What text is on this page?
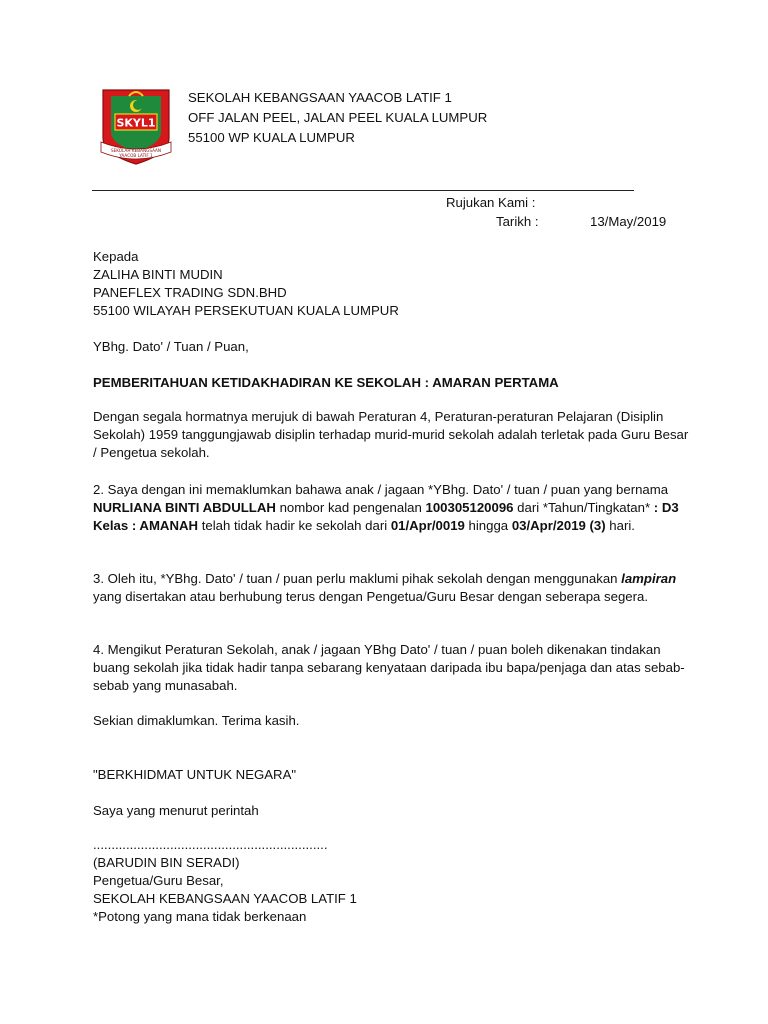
SKYL1
SEKOLAH KEBANGSAAN
YAACOB LATIF 1
SEKOLAH KEBANGSAAN YAACOB LATIF 1
OFF JALAN PEEL, JALAN PEEL KUALA LUMPUR
55100 WP KUALA LUMPUR
Rujukan Kami :
Tarikh :	13/May/2019
Kepada
ZALIHA BINTI MUDIN
PANEFLEX TRADING SDN.BHD
55100 WILAYAH PERSEKUTUAN KUALA LUMPUR
YBhg. Dato' / Tuan / Puan,
PEMBERITAHUAN KETIDAKHADIRAN KE SEKOLAH : AMARAN PERTAMA

Dengan segala hormatnya merujuk di bawah Peraturan 4, Peraturan-peraturan Pelajaran (Disiplin Sekolah) 1959 tanggungjawab disiplin terhadap murid-murid sekolah adalah terletak pada Guru Besar / Pengetua sekolah.

2. Saya dengan ini memaklumkan bahawa anak / jagaan *YBhg. Dato' / tuan / puan yang bernama NURLIANA BINTI ABDULLAH nombor kad pengenalan 100305120096 dari *Tahun/Tingkatan* : D3 Kelas : AMANAH telah tidak hadir ke sekolah dari 01/Apr/0019 hingga 03/Apr/2019 (3) hari.

3. Oleh itu, *YBhg. Dato' / tuan / puan perlu maklumi pihak sekolah dengan menggunakan lampiran yang disertakan atau berhubung terus dengan Pengetua/Guru Besar dengan seberapa segera.

4. Mengikut Peraturan Sekolah, anak / jagaan YBhg Dato' / tuan / puan boleh dikenakan tindakan buang sekolah jika tidak hadir tanpa sebarang kenyataan daripada ibu bapa/penjaga dan atas sebab-sebab yang munasabah.

Sekian dimaklumkan. Terima kasih.
"BERKHIDMAT UNTUK NEGARA"
Saya yang menurut perintah
................................................................
(BARUDIN BIN SERADI)
Pengetua/Guru Besar,
SEKOLAH KEBANGSAAN YAACOB LATIF 1
*Potong yang mana tidak berkenaan
